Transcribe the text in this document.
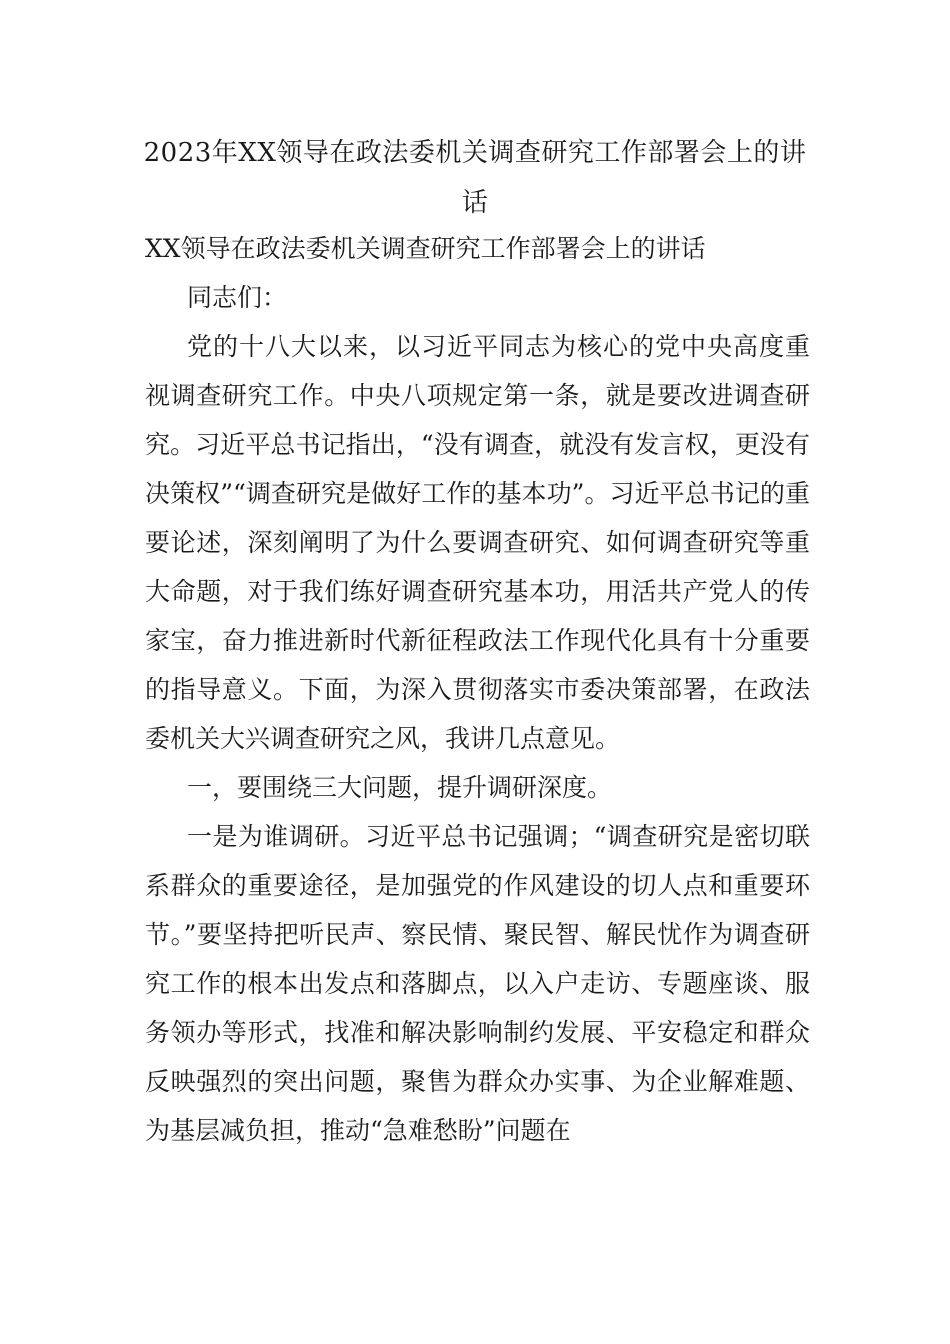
2023年XX领导在政法委机关调查研究工作部署会上的讲话

XX领导在政法委机关调查研究工作部署会上的讲话

同志们：

党的十八大以来，以习近平同志为核心的党中央高度重视调查研究工作。中央八项规定第一条，就是要改进调查研究。习近平总书记指出，“没有调查，就没有发言权，更没有决策权”“调查研究是做好工作的基本功”。习近平总书记的重要论述，深刻阐明了为什么要调查研究、如何调查研究等重大命题，对于我们练好调查研究基本功，用活共产党人的传家宝，奋力推进新时代新征程政法工作现代化具有十分重要的指导意义。下面，为深入贯彻落实市委决策部署，在政法委机关大兴调查研究之风，我讲几点意见。

一，要围绕三大问题，提升调研深度。

一是为谁调研。习近平总书记强调；“调查研究是密切联系群众的重要途径，是加强党的作风建设的切人点和重要环节。”要坚持把听民声、察民情、聚民智、解民忧作为调查研究工作的根本出发点和落脚点，以入户走访、专题座谈、服务领办等形式，找准和解决影响制约发展、平安稳定和群众反映强烈的突出问题，聚售为群众办实事、为企业解难题、为基层减负担，推动“急难愁盼”问题在
